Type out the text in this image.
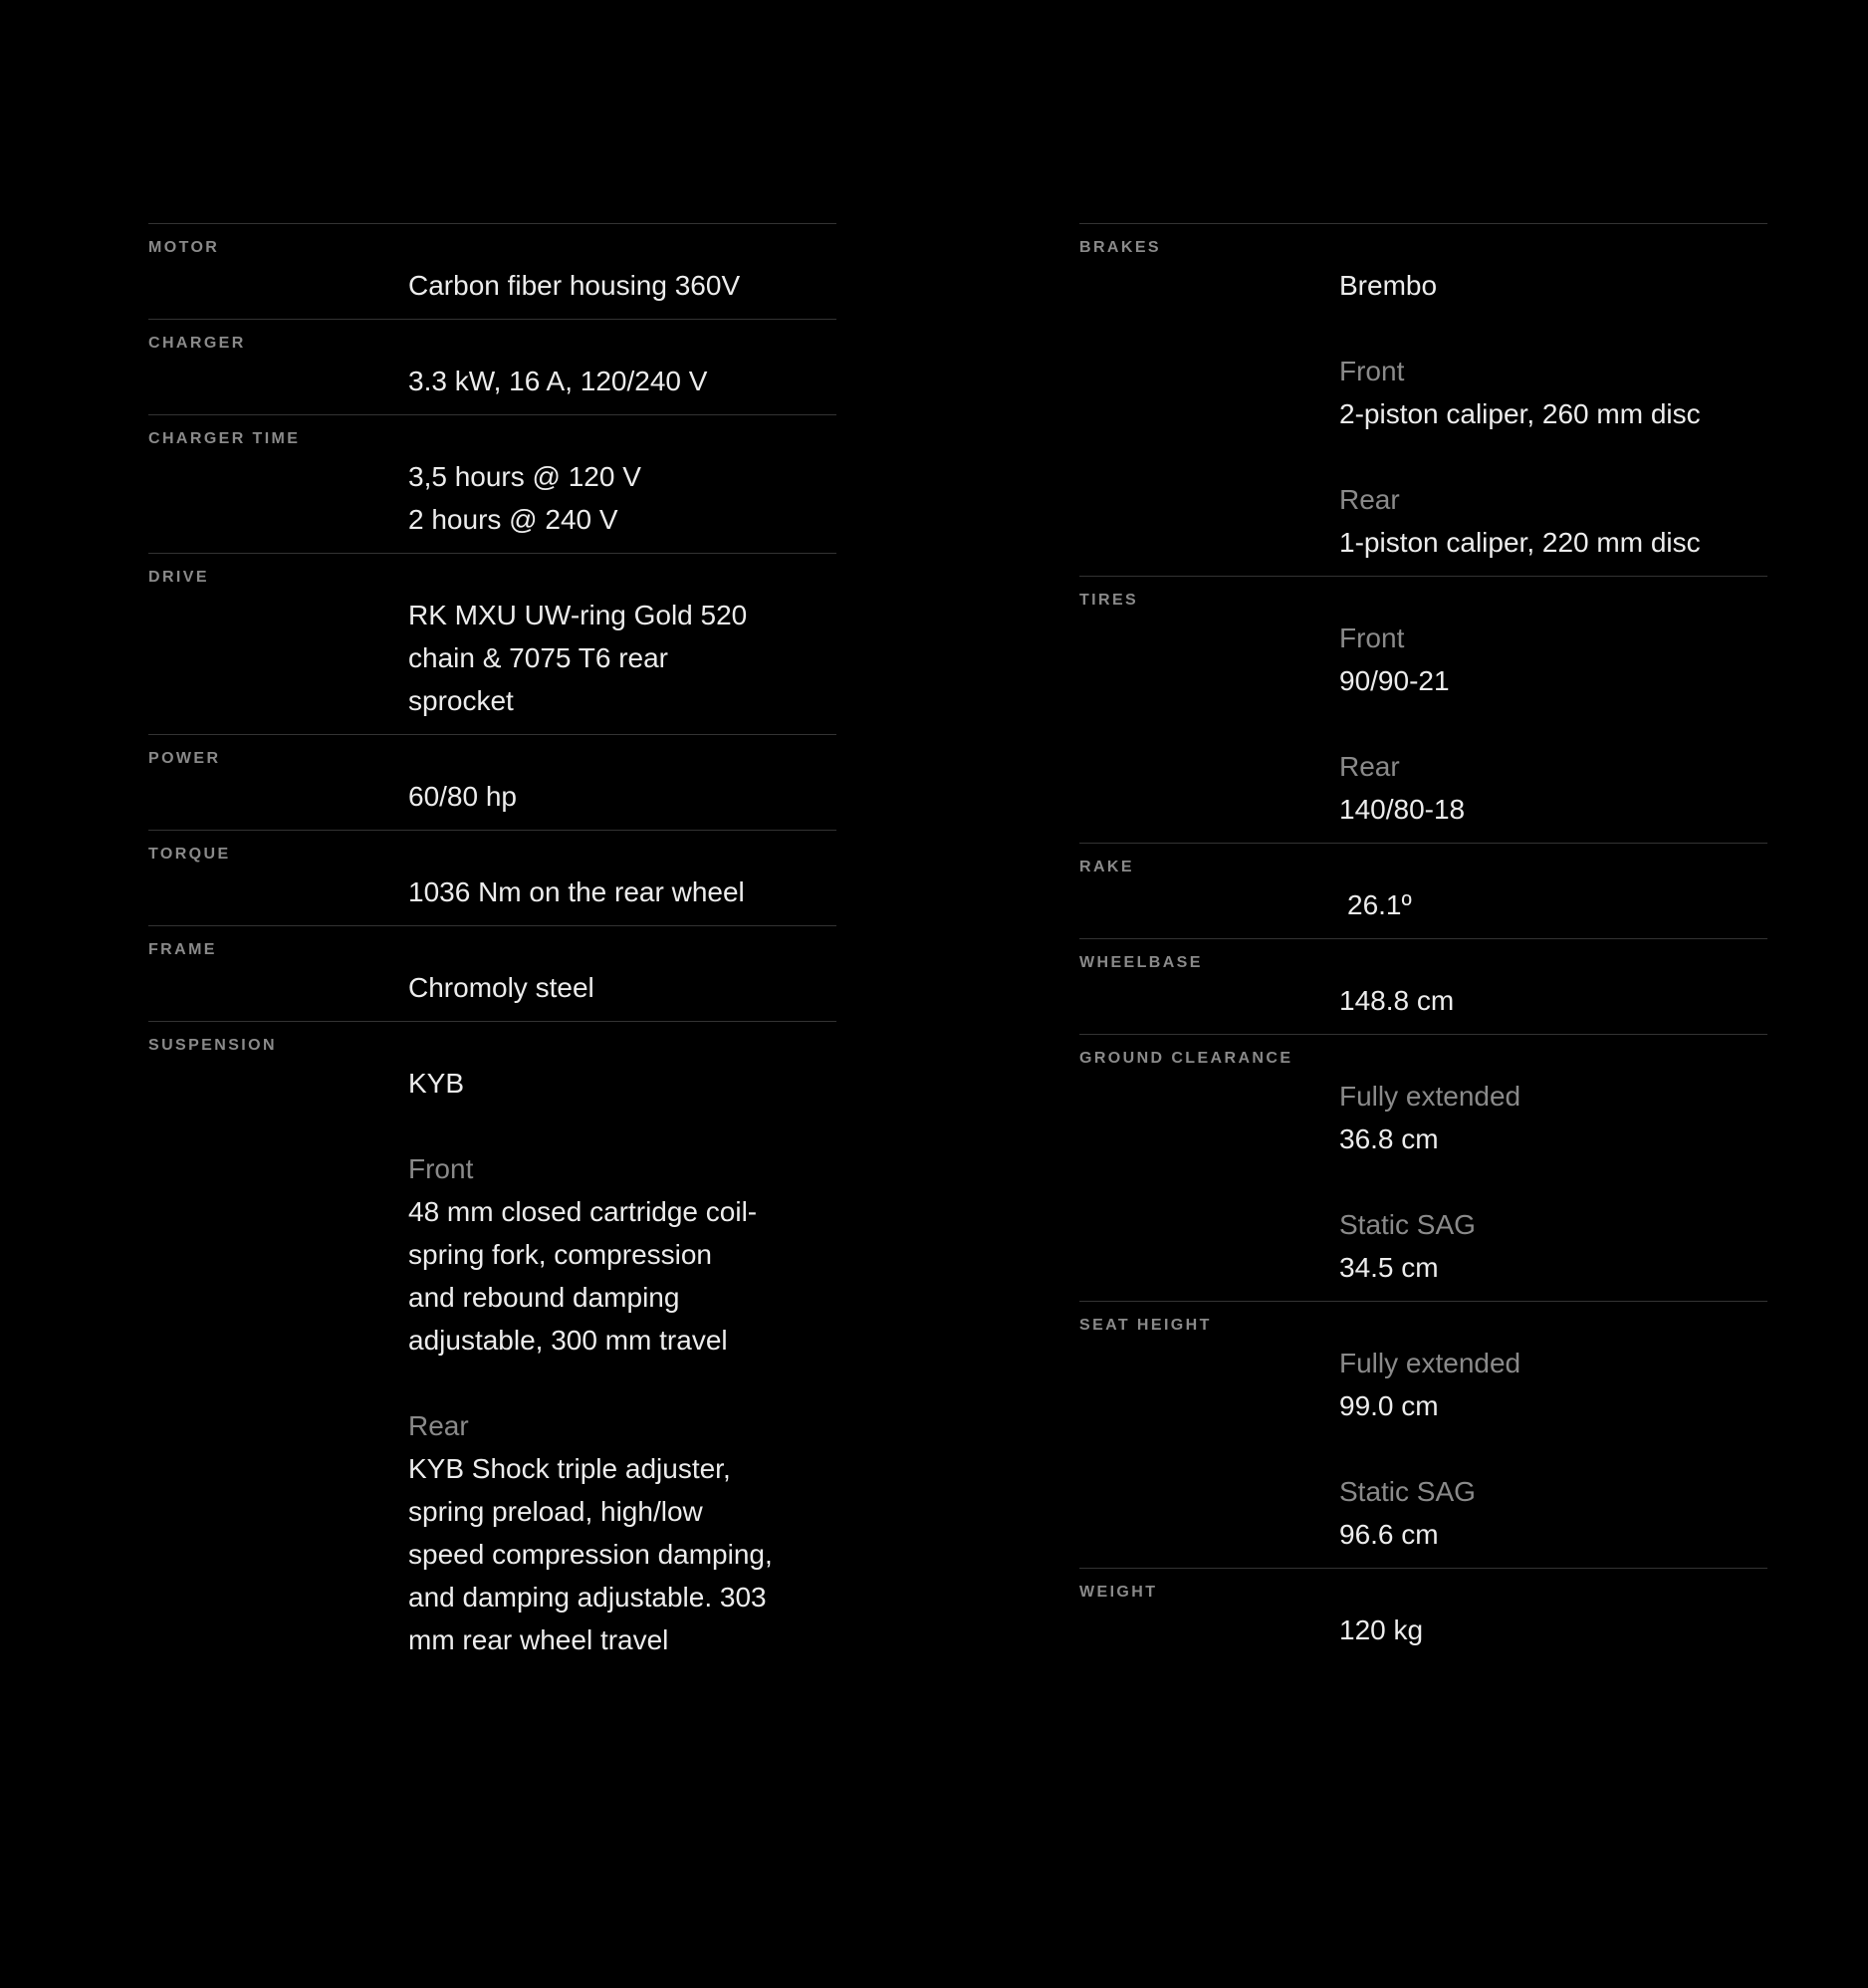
MOTOR
Carbon fiber housing 360V
CHARGER
3.3 kW, 16 A, 120/240 V
CHARGER TIME
3,5 hours @ 120 V
2 hours @ 240 V
DRIVE
RK MXU UW-ring Gold 520
chain & 7075 T6 rear
sprocket
POWER
60/80 hp
TORQUE
1036 Nm on the rear wheel
FRAME
Chromoly steel
SUSPENSION
KYB
Front
48 mm closed cartridge coil-
spring fork, compression
and rebound damping
adjustable, 300 mm travel
Rear
KYB Shock triple adjuster,
spring preload, high/low
speed compression damping,
and damping adjustable. 303
mm rear wheel travel
BRAKES
Brembo
Front
2-piston caliper, 260 mm disc
Rear
1-piston caliper, 220 mm disc
TIRES
Front
90/90-21
Rear
140/80-18
RAKE
26.1º
WHEELBASE
148.8 cm
GROUND CLEARANCE
Fully extended
36.8 cm
Static SAG
34.5 cm
SEAT HEIGHT
Fully extended
99.0 cm
Static SAG
96.6 cm
WEIGHT
120 kg
